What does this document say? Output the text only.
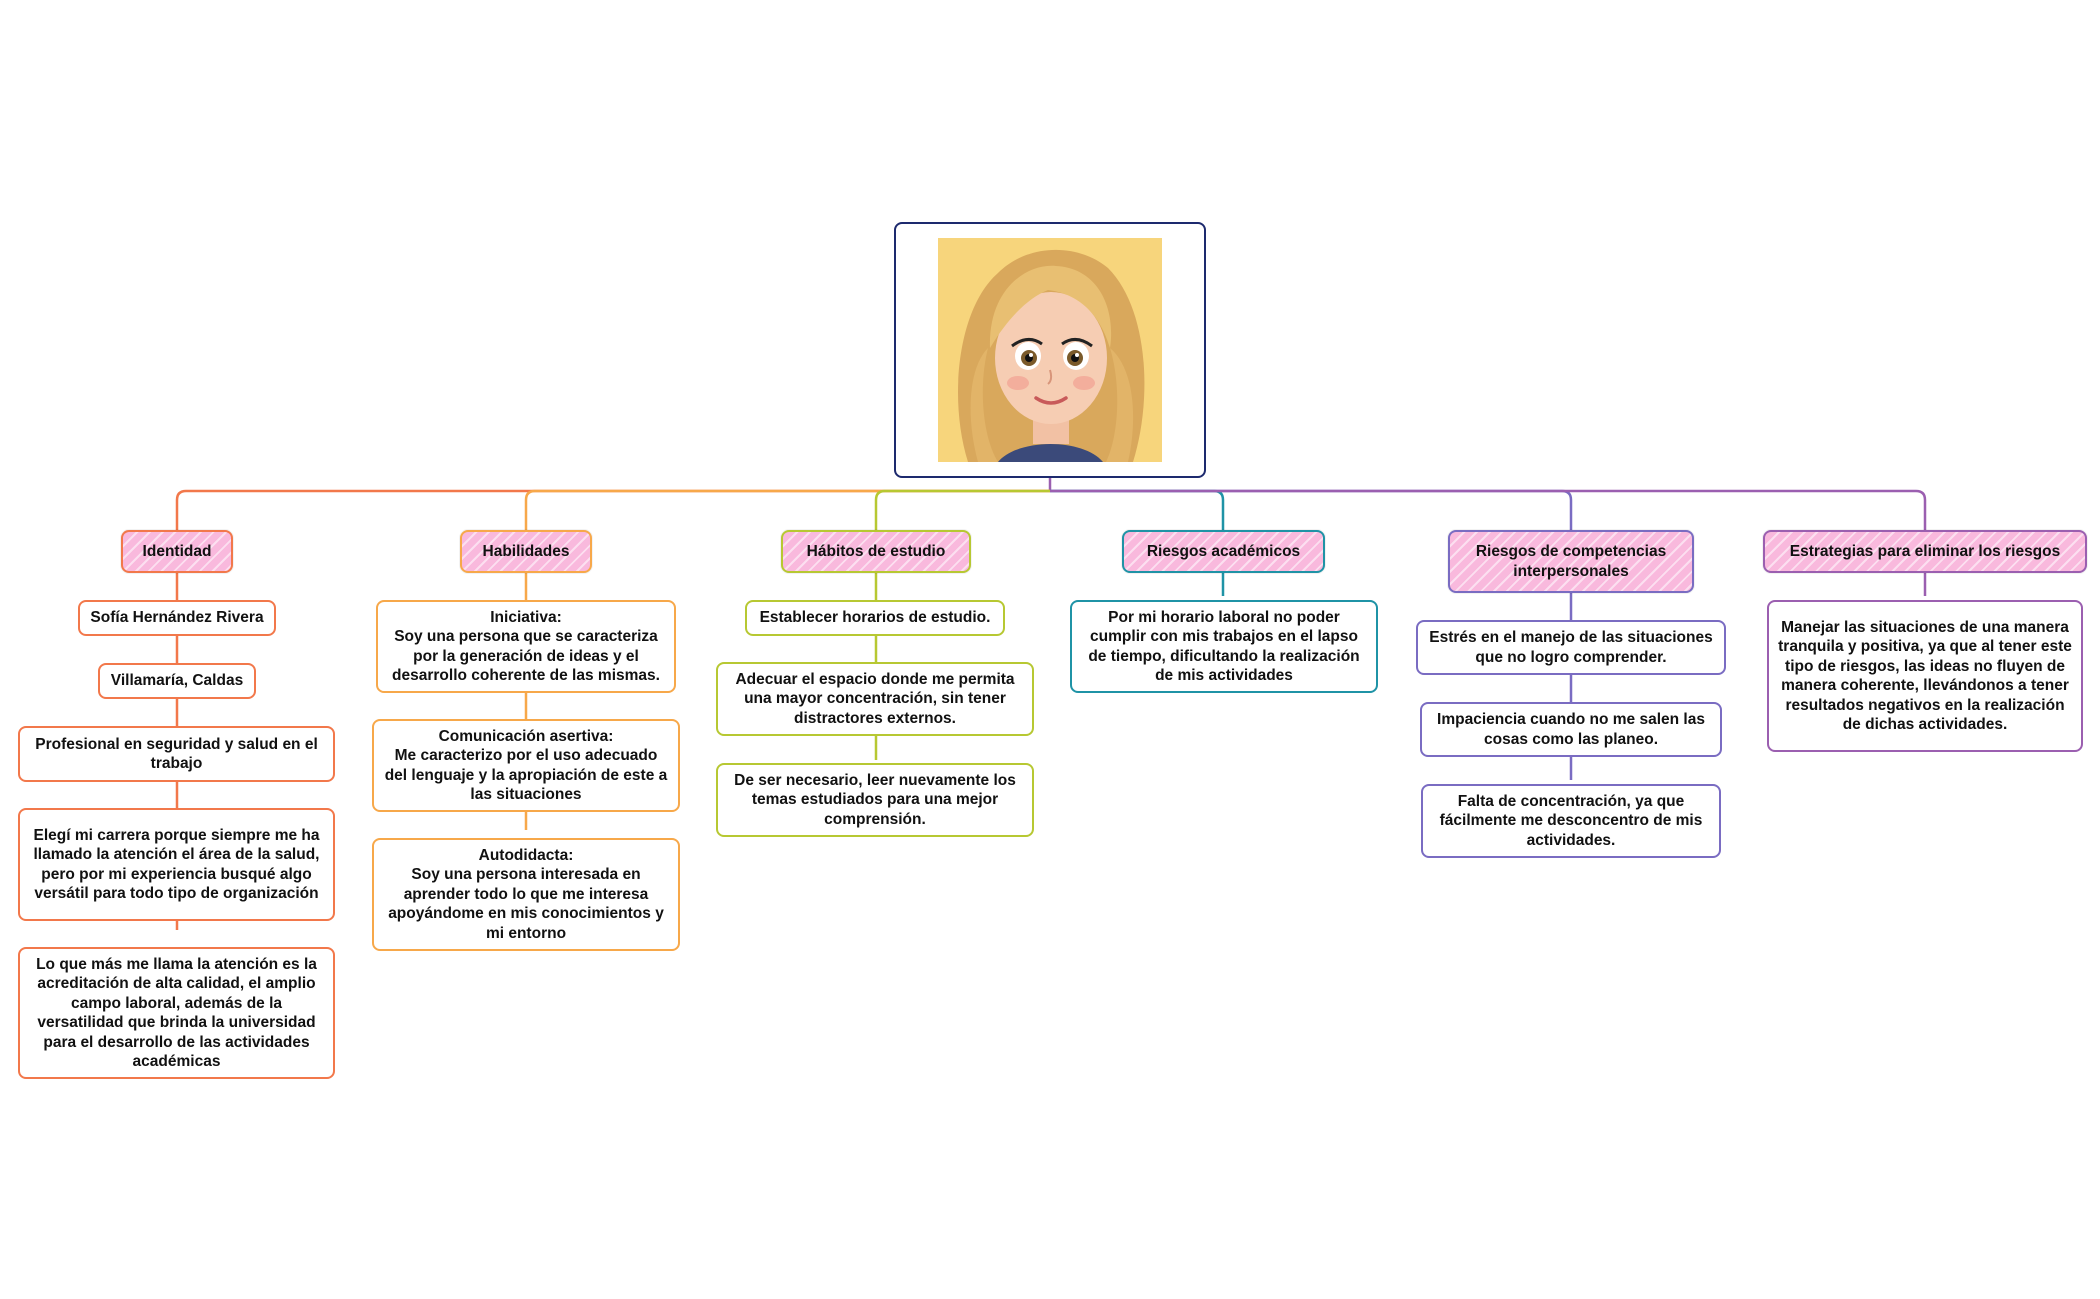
Identidad	Habilidades	Hábitos de estudio	Riesgos académicos	Riesgos de competencias interpersonales
Estrategias para eliminar los riesgos
Sofía Hernández Rivera
Villamaría, Caldas
Profesional en seguridad y salud en el trabajo
Elegí mi carrera porque siempre me ha llamado la atención el área de la salud, pero por mi experiencia busqué algo versátil para todo tipo de organización
Lo que más me llama la atención es la acreditación de alta calidad, el amplio campo laboral, además de la versatilidad que brinda la universidad para el desarrollo de las actividades académicas
Iniciativa:
Soy una persona que se caracteriza por la generación de ideas y el desarrollo coherente de las mismas.
Comunicación asertiva:
Me caracterizo por el uso adecuado del lenguaje y la apropiación de este a las situaciones
Autodidacta:
Soy una persona interesada en aprender todo lo que me interesa apoyándome en mis conocimientos y mi entorno
Establecer horarios de estudio.
Adecuar el espacio donde me permita una mayor concentración, sin tener distractores externos.
De ser necesario, leer nuevamente los temas estudiados para una mejor comprensión.
Por mi horario laboral no poder cumplir con mis trabajos en el lapso de tiempo, dificultando la realización de mis actividades
Estrés en el manejo de las situaciones que no logro comprender.
Impaciencia cuando no me salen las cosas como las planeo.
Falta de concentración, ya que fácilmente me desconcentro de mis actividades.
Manejar las situaciones de una manera tranquila y positiva, ya que al tener este tipo de riesgos, las ideas no fluyen de manera coherente, llevándonos a tener resultados negativos en la realización de dichas actividades.
